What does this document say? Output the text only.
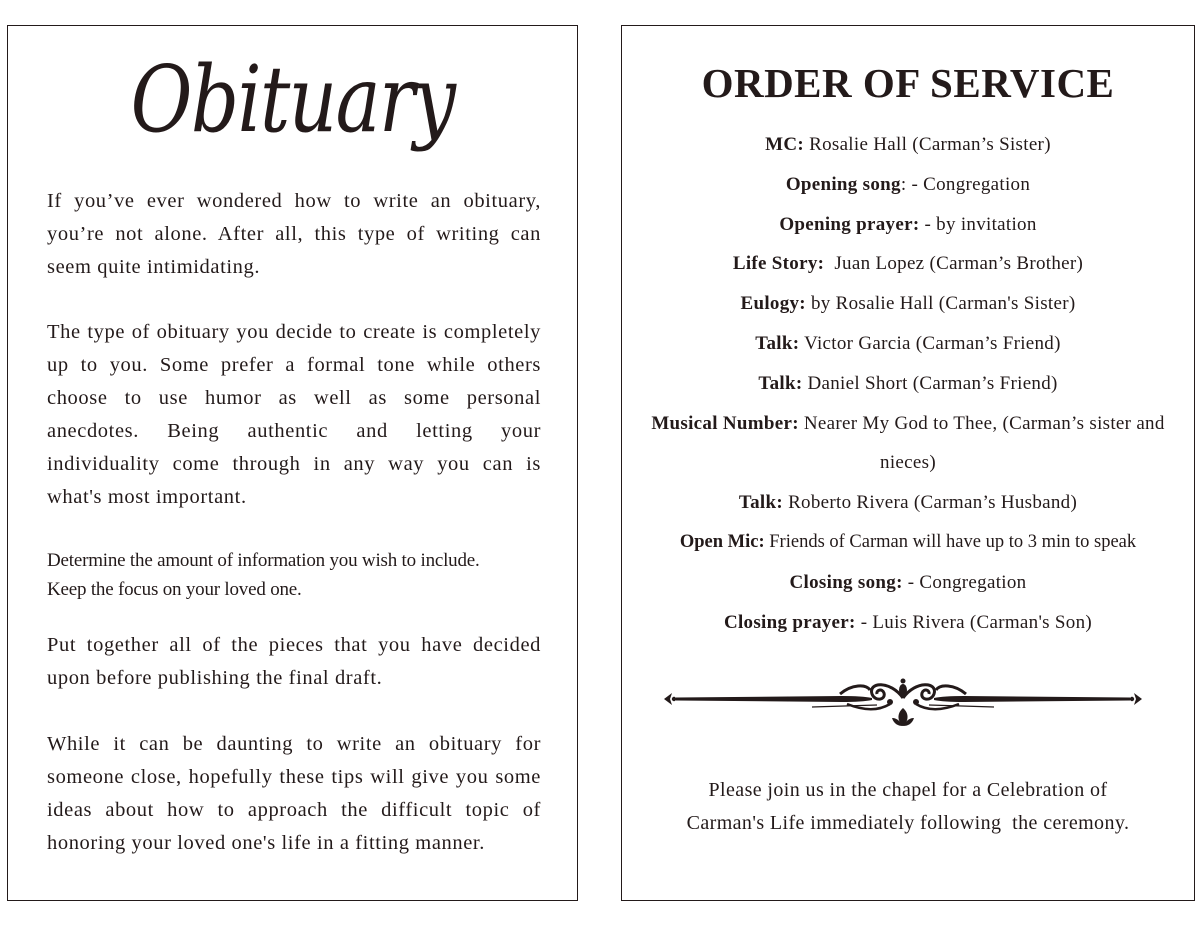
Obituary

If you’ve ever wondered how to write an obituary, you’re not alone. After all, this type of writing can seem quite intimidating.

The type of obituary you decide to create is completely up to you. Some prefer a formal tone while others choose to use humor as well as some personal anecdotes. Being authentic and letting your individuality come through in any way you can is what's most important.

Determine the amount of information you wish to include.
Keep the focus on your loved one.

Put together all of the pieces that you have decided upon before publishing the final draft.

While it can be daunting to write an obituary for someone close, hopefully these tips will give you some ideas about how to approach the difficult topic of honoring your loved one's life in a fitting manner.

ORDER OF SERVICE
MC: Rosalie Hall (Carman’s Sister)
Opening song: - Congregation
Opening prayer: - by invitation
Life Story:  Juan Lopez (Carman’s Brother)
Eulogy: by Rosalie Hall (Carman's Sister)
Talk: Victor Garcia (Carman’s Friend)
Talk: Daniel Short (Carman’s Friend)
Musical Number: Nearer My God to Thee, (Carman’s sister and nieces)
Talk: Roberto Rivera (Carman’s Husband)
Open Mic: Friends of Carman will have up to 3 min to speak
Closing song: - Congregation
Closing prayer: - Luis Rivera (Carman's Son)
Please join us in the chapel for a Celebration of
Carman's Life immediately following  the ceremony.
